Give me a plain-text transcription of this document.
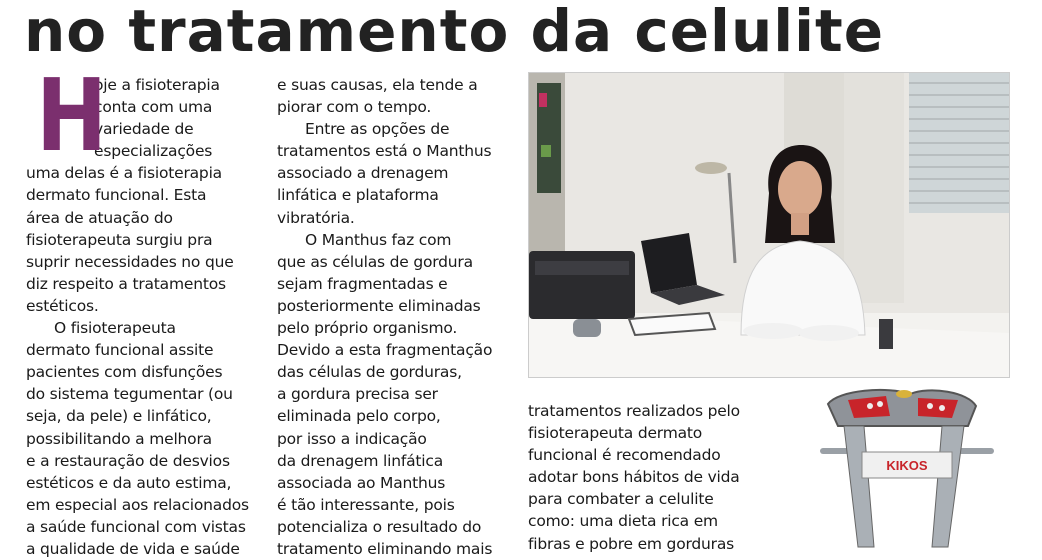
no tratamento da celulite
H
oje a fisioterapia
conta com uma
variedade de
especializações
uma delas é a fisioterapia
dermato funcional. Esta
área de atuação do
fisioterapeuta surgiu pra
suprir necessidades no que
diz respeito a tratamentos
estéticos.
O fisioterapeuta
dermato funcional assite
pacientes com disfunções
do sistema tegumentar (ou
seja, da pele) e linfático,
possibilitando a melhora
e a restauração de desvios
estéticos e da auto estima,
em especial aos relacionados
a saúde funcional com vistas
a qualidade de vida e saúde
e suas causas, ela tende a
piorar com o tempo.
Entre as opções de
tratamentos está o Manthus
associado a drenagem
linfática e plataforma
vibratória.
O Manthus faz com
que as células de gordura
sejam fragmentadas e
posteriormente eliminadas
pelo próprio organismo.
Devido a esta fragmentação
das células de gorduras,
a gordura precisa ser
eliminada pelo corpo,
por isso a indicação
da drenagem linfática
associada ao Manthus
é tão interessante, pois
potencializa o resultado do
tratamento eliminando mais
tratamentos realizados pelo
fisioterapeuta dermato
funcional é recomendado
adotar bons hábitos de vida
para combater a celulite
como: uma dieta rica em
fibras e pobre em gorduras
KIKOS
